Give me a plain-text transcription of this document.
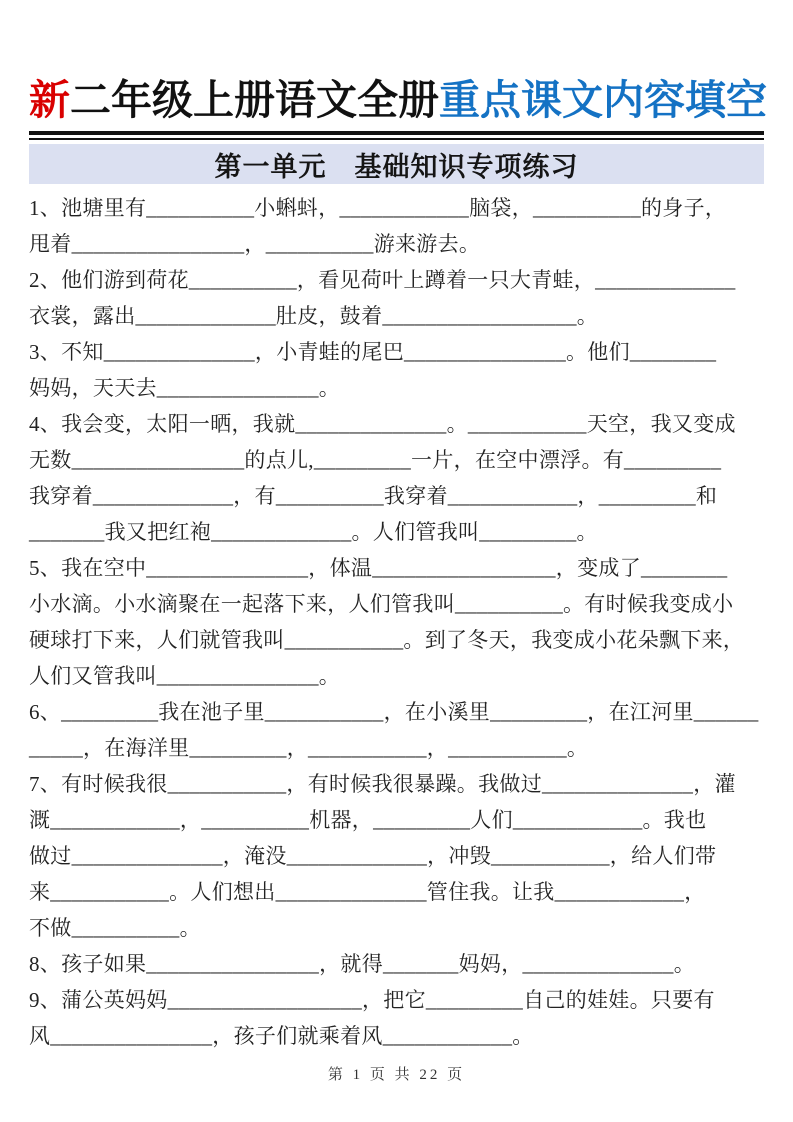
新二年级上册语文全册重点课文内容填空
第一单元　基础知识专项练习
1、池塘里有__________小蝌蚪，____________脑袋，__________的身子，
甩着________________，__________游来游去。
2、他们游到荷花__________，看见荷叶上蹲着一只大青蛙，_____________
衣裳，露出_____________肚皮，鼓着__________________。
3、不知______________，小青蛙的尾巴_______________。他们________
妈妈，天天去_______________。
4、我会变，太阳一晒，我就______________。___________天空，我又变成
无数________________的点儿,_________一片，在空中漂浮。有_________
我穿着_____________，有__________我穿着____________，_________和
_______我又把红袍_____________。人们管我叫_________。
5、我在空中_______________，体温_________________，变成了________
小水滴。小水滴聚在一起落下来，人们管我叫__________。有时候我变成小
硬球打下来，人们就管我叫___________。到了冬天，我变成小花朵飘下来，
人们又管我叫_______________。
6、_________我在池子里___________，在小溪里_________，在江河里______
_____，在海洋里_________，___________，___________。
7、有时候我很___________，有时候我很暴躁。我做过______________，灌
溉____________，__________机器，_________人们____________。我也
做过______________，淹没_____________，冲毁___________，给人们带
来___________。人们想出______________管住我。让我____________，
不做__________。
8、孩子如果________________，就得_______妈妈，______________。
9、蒲公英妈妈__________________，把它_________自己的娃娃。只要有
风_______________，孩子们就乘着风____________。
第 1 页 共 22 页
